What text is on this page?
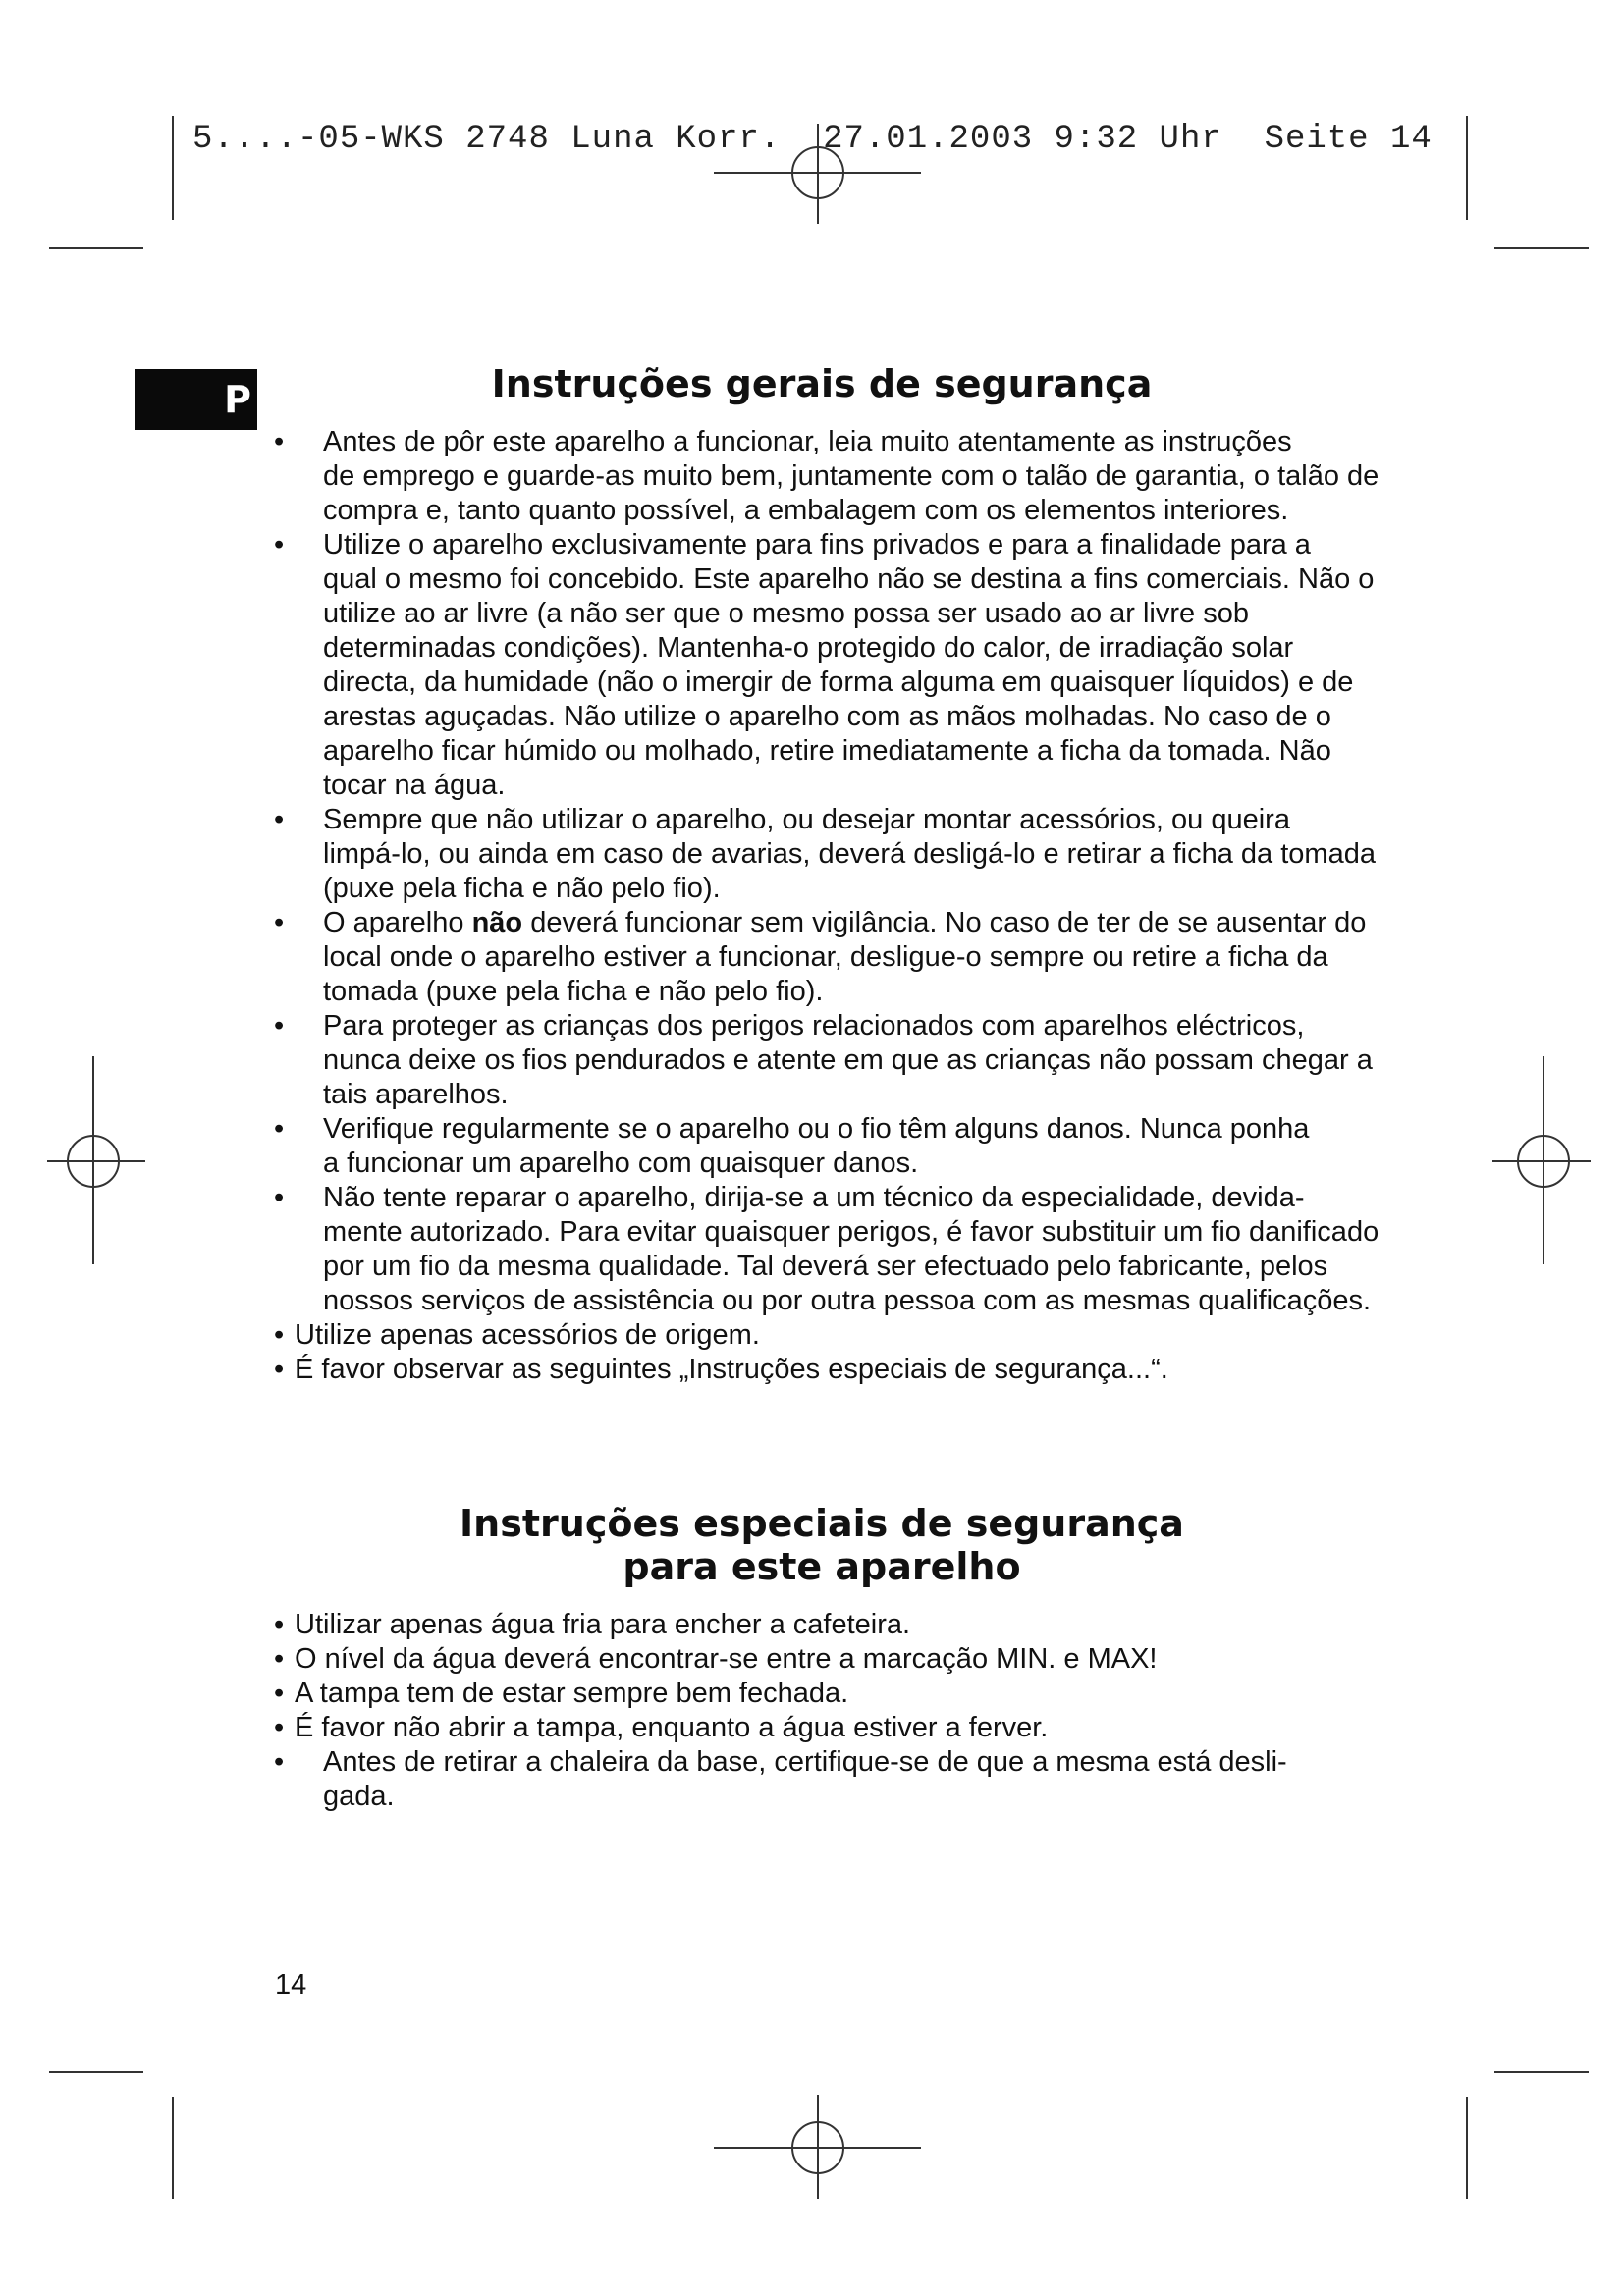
5....-05-WKS 2748 Luna Korr.  27.01.2003 9:32 Uhr  Seite 14
P	Instruções gerais de segurança
• Antes de pôr este aparelho a funcionar, leia muito atentamente as instruções
de emprego e guarde-as muito bem, juntamente com o talão de garantia, o talão de compra e, tanto quanto possível, a embalagem com os elementos interiores.
• Utilize o aparelho exclusivamente para fins privados e para a finalidade para a
qual o mesmo foi concebido. Este aparelho não se destina a fins comerciais. Não o utilize ao ar livre (a não ser que o mesmo possa ser usado ao ar livre sob determinadas condições). Mantenha-o protegido do calor, de irradiação solar directa, da humidade (não o imergir de forma alguma em quaisquer líquidos) e de arestas aguçadas. Não utilize o aparelho com as mãos molhadas. No caso de o aparelho ficar húmido ou molhado, retire imediatamente a ficha da tomada. Não tocar na água.
• Sempre que não utilizar o aparelho, ou desejar montar acessórios, ou queira
limpá-lo, ou ainda em caso de avarias, deverá desligá-lo e retirar a ficha da tomada (puxe pela ficha e não pelo fio).
• O aparelho não deverá funcionar sem vigilância. No caso de ter de se ausentar do local onde o aparelho estiver a funcionar, desligue-o sempre ou retire a ficha da tomada (puxe pela ficha e não pelo fio).
• Para proteger as crianças dos perigos relacionados com aparelhos eléctricos,
nunca deixe os fios pendurados e atente em que as crianças não possam chegar a tais aparelhos.
• Verifique regularmente se o aparelho ou o fio têm alguns danos. Nunca ponha
a funcionar um aparelho com quaisquer danos.
• Não tente reparar o aparelho, dirija-se a um técnico da especialidade, devida-
mente autorizado. Para evitar quaisquer perigos, é favor substituir um fio danificado por um fio da mesma qualidade. Tal deverá ser efectuado pelo fabricante, pelos nossos serviços de assistência ou por outra pessoa com as mesmas qualificações.
• Utilize apenas acessórios de origem.
• É favor observar as seguintes „Instruções especiais de segurança...“.
Instruções especiais de segurança
para este aparelho
• Utilizar apenas água fria para encher a cafeteira.
• O nível da água deverá encontrar-se entre a marcação MIN. e MAX!
• A tampa tem de estar sempre bem fechada.
• É favor não abrir a tampa, enquanto a água estiver a ferver.
• Antes de retirar a chaleira da base, certifique-se de que a mesma está desli-
gada.
14
